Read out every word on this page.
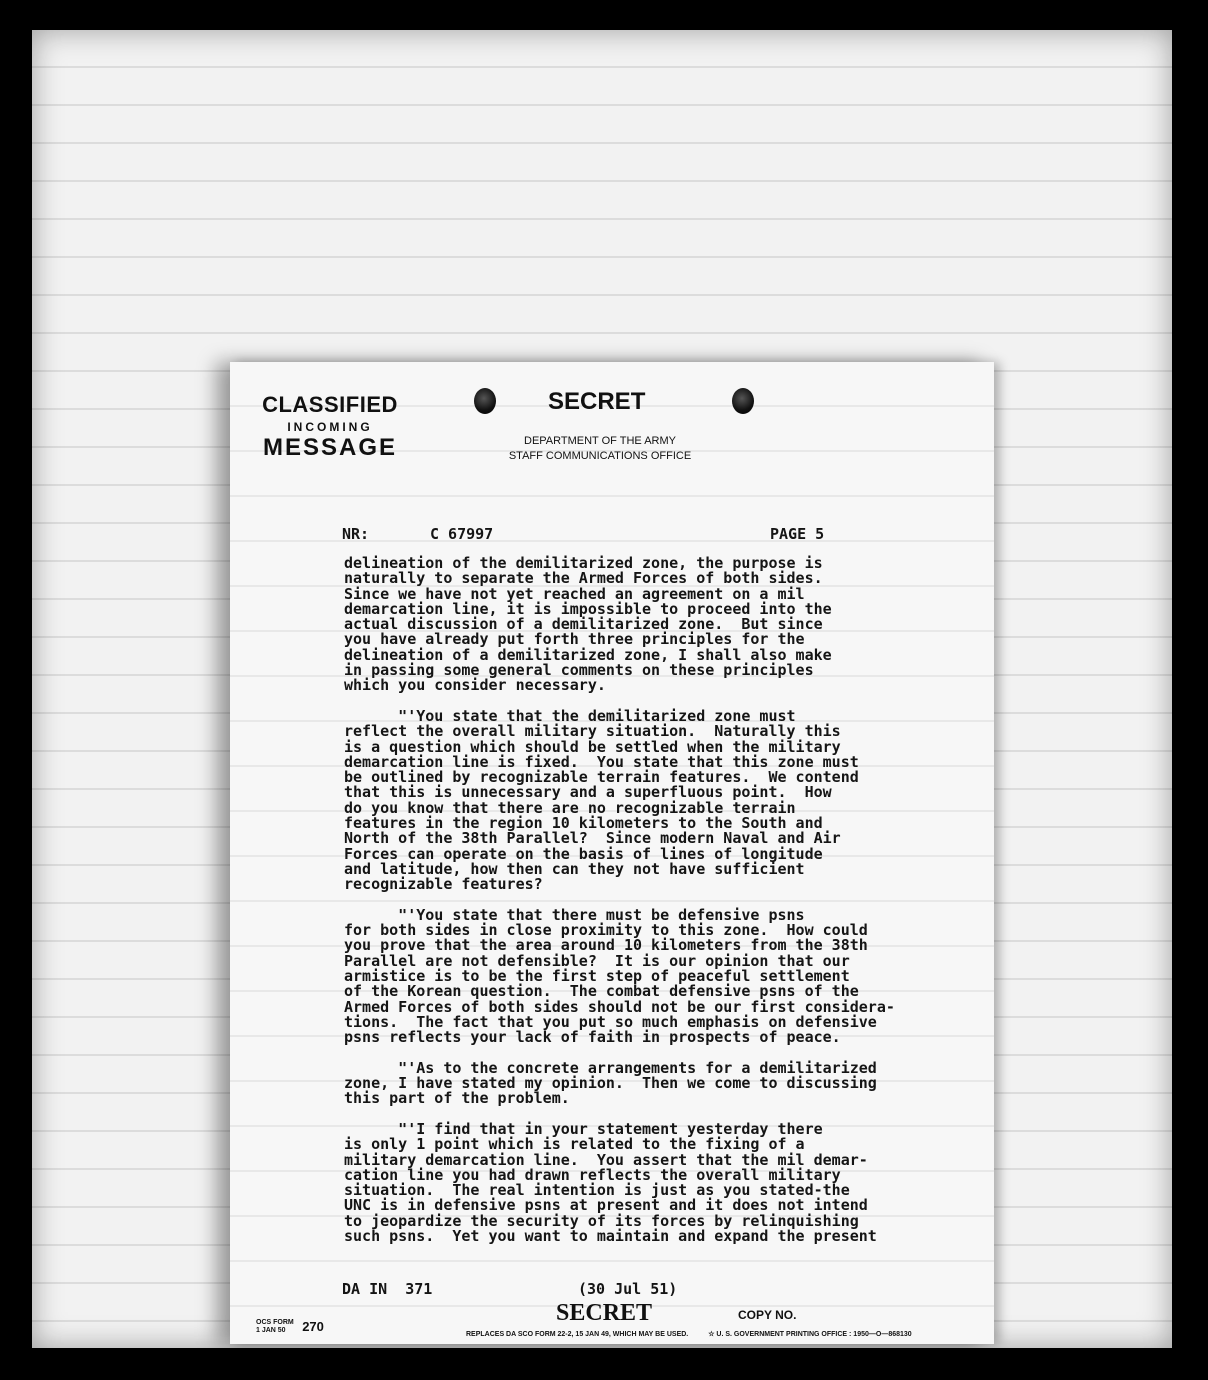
CLASSIFIED
INCOMING
MESSAGE
SECRET
DEPARTMENT OF THE ARMY
STAFF COMMUNICATIONS OFFICE
NR:	C 67997	PAGE 5
delineation of the demilitarized zone, the purpose is
naturally to separate the Armed Forces of both sides.
Since we have not yet reached an agreement on a mil
demarcation line, it is impossible to proceed into the
actual discussion of a demilitarized zone.  But since
you have already put forth three principles for the
delineation of a demilitarized zone, I shall also make
in passing some general comments on these principles
which you consider necessary.

"'You state that the demilitarized zone must
reflect the overall military situation.  Naturally this
is a question which should be settled when the military
demarcation line is fixed.  You state that this zone must
be outlined by recognizable terrain features.  We contend
that this is unnecessary and a superfluous point.  How
do you know that there are no recognizable terrain
features in the region 10 kilometers to the South and
North of the 38th Parallel?  Since modern Naval and Air
Forces can operate on the basis of lines of longitude
and latitude, how then can they not have sufficient
recognizable features?

"'You state that there must be defensive psns
for both sides in close proximity to this zone.  How could
you prove that the area around 10 kilometers from the 38th
Parallel are not defensible?  It is our opinion that our
armistice is to be the first step of peaceful settlement
of the Korean question.  The combat defensive psns of the
Armed Forces of both sides should not be our first considera-
tions.  The fact that you put so much emphasis on defensive
psns reflects your lack of faith in prospects of peace.

"'As to the concrete arrangements for a demilitarized
zone, I have stated my opinion.  Then we come to discussing
this part of the problem.

"'I find that in your statement yesterday there
is only 1 point which is related to the fixing of a
military demarcation line.  You assert that the mil demar-
cation line you had drawn reflects the overall military
situation.  The real intention is just as you stated-the
UNC is in defensive psns at present and it does not intend
to jeopardize the security of its forces by relinquishing
such psns.  Yet you want to maintain and expand the present
DA IN  371	(30 Jul 51)
SECRET	COPY NO.
OCS FORM
1 JAN 50 270
REPLACES DA SCO FORM 22-2, 15 JAN 49, WHICH MAY BE USED.	☆ U. S. GOVERNMENT PRINTING OFFICE : 1950—O—868130
